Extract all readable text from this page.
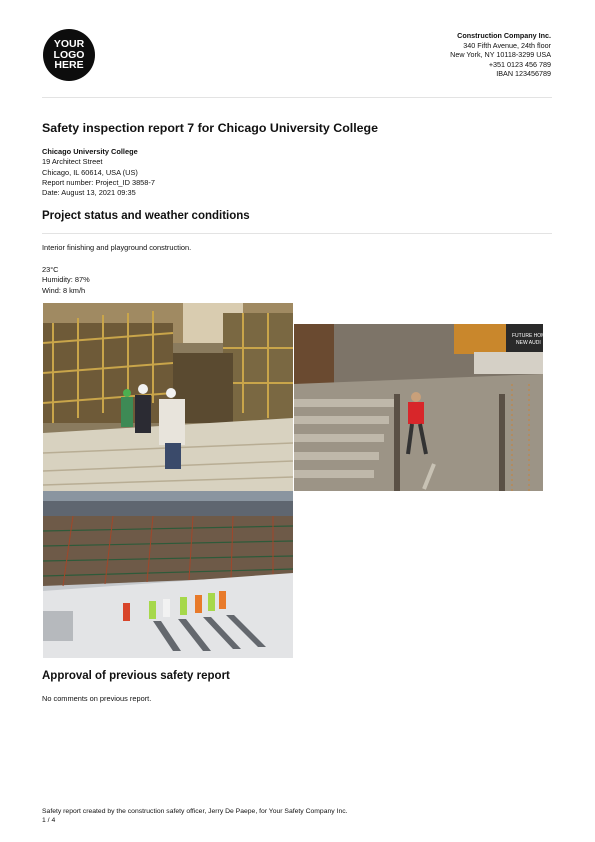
YOUR
LOGO
HERE
Construction Company Inc.
340 Fifth Avenue, 24th floor
New York, NY 10118-3299 USA
+351 0123 456 789
IBAN 123456789
Safety inspection report 7 for Chicago University College
Chicago University College
19 Architect Street
Chicago, IL 60614, USA (US)
Report number: Project_ID 3858-7
Date: August 13, 2021 09:35
Project status and weather conditions
Interior finishing and playground construction.
23°C
Humidity: 87%
Wind: 8 km/h
FUTURE HOME
NEW AUDI
Approval of previous safety report
No comments on previous report.
Safety report created by the construction safety officer, Jerry De Paepe, for Your Safety Company Inc.
1 / 4
